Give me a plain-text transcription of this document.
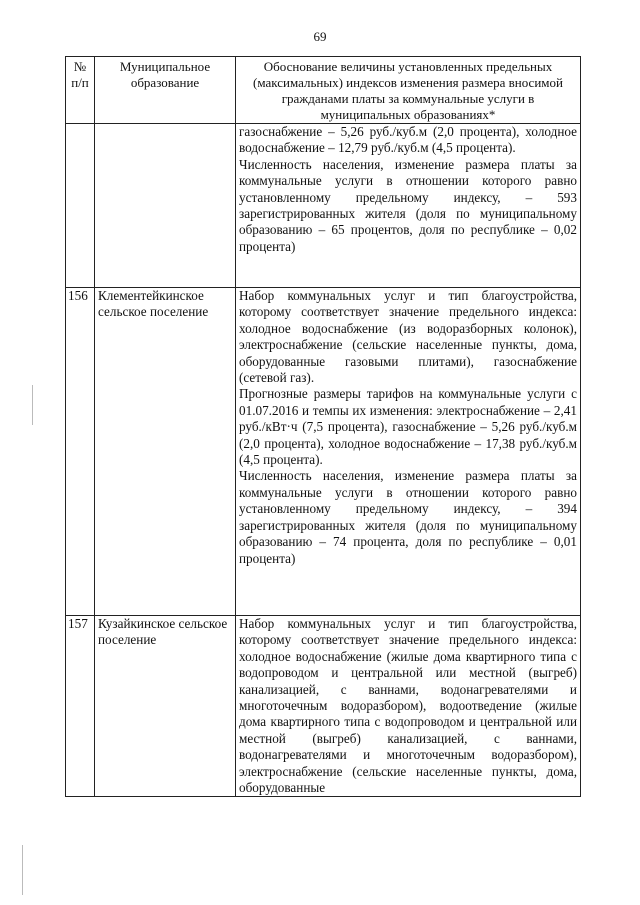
69
№ п/п	Муниципальное образование	Обоснование величины установленных предельных (максимальных) индексов изменения размера вносимой гражданами платы за коммунальные услуги в муниципальных образованиях*

		газоснабжение – 5,26 руб./куб.м (2,0 процента), холодное водоснабжение – 12,79 руб./куб.м (4,5 процента).

Численность населения, изменение размера платы за коммунальные услуги в отношении которого равно установленному предельному индексу, – 593 зарегистрированных жителя (доля по муниципальному образованию – 65 процентов, доля по республике – 0,02 процента)

156	Клементейкинское сельское поселение	Набор коммунальных услуг и тип благоустройства, которому соответствует значение предельного индекса: холодное водоснабжение (из водоразборных колонок), электроснабжение (сельские населенные пункты, дома, оборудованные газовыми плитами), газоснабжение (сетевой газ).

Прогнозные размеры тарифов на коммунальные услуги с 01.07.2016 и темпы их изменения: электроснабжение – 2,41 руб./кВт·ч (7,5 процента), газоснабжение – 5,26 руб./куб.м (2,0 процента), холодное водоснабжение – 17,38 руб./куб.м (4,5 процента).

Численность населения, изменение размера платы за коммунальные услуги в отношении которого равно установленному предельному индексу, – 394 зарегистрированных жителя (доля по муниципальному образованию – 74 процента, доля по республике – 0,01 процента)

157	Кузайкинское сельское поселение	Набор коммунальных услуг и тип благоустройства, которому соответствует значение предельного индекса: холодное водоснабжение (жилые дома квартирного типа с водопроводом и центральной или местной (выгреб) канализацией, с ваннами, водонагревателями и многоточечным водоразбором), водоотведение (жилые дома квартирного типа с водопроводом и центральной или местной (выгреб) канализацией, с ваннами, водонагревателями и многоточечным водоразбором), электроснабжение (сельские населенные пункты, дома, оборудованные
